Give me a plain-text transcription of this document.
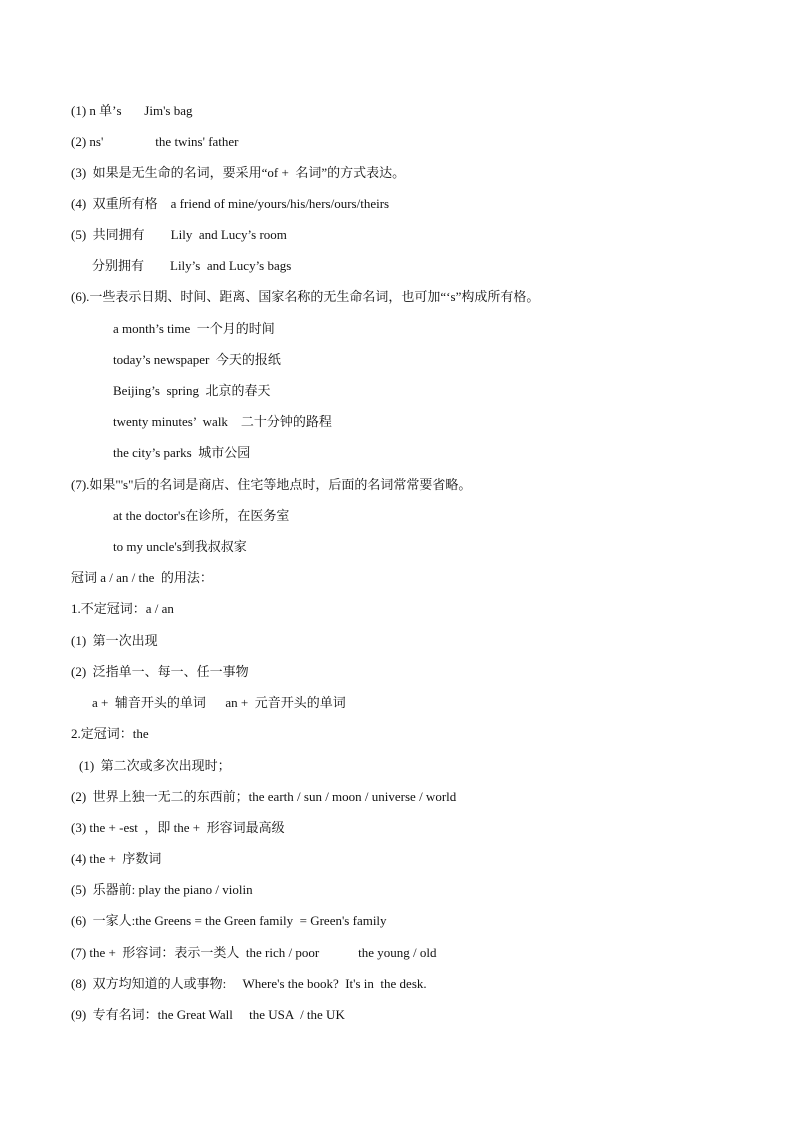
(1) n 单’s       Jim's bag
(2) ns'                the twins' father
(3)  如果是无生命的名词，要采用“of +  名词”的方式表达。
(4)  双重所有格    a friend of mine/yours/his/hers/ours/theirs
(5)  共同拥有        Lily  and Lucy’s room
分别拥有        Lily’s  and Lucy’s bags
(6).一些表示日期、时间、距离、国家名称的无生命名词，也可加“‘s”构成所有格。
a month’s time  一个月的时间
today’s newspaper  今天的报纸
Beijing’s  spring  北京的春天
twenty minutes’  walk    二十分钟的路程
the city’s parks  城市公园
(7).如果"'s"后的名词是商店、住宅等地点时，后面的名词常常要省略。
at the doctor's在诊所，在医务室
to my uncle's到我叔叔家
冠词 a / an / the  的用法：
1.不定冠词：a / an
(1)  第一次出现
(2)  泛指单一、每一、任一事物
a +  辅音开头的单词      an +  元音开头的单词
2.定冠词：the
(1)  第二次或多次出现时；
(2)  世界上独一无二的东西前；the earth / sun / moon / universe / world
(3) the + -est  ，即 the +  形容词最高级
(4) the +  序数词
(5)  乐器前: play the piano / violin
(6)  一家人:the Greens = the Green family  = Green's family
(7) the +  形容词：表示一类人  the rich / poor            the young / old
(8)  双方均知道的人或事物:     Where's the book?  It's in  the desk.
(9)  专有名词：the Great Wall     the USA  / the UK
